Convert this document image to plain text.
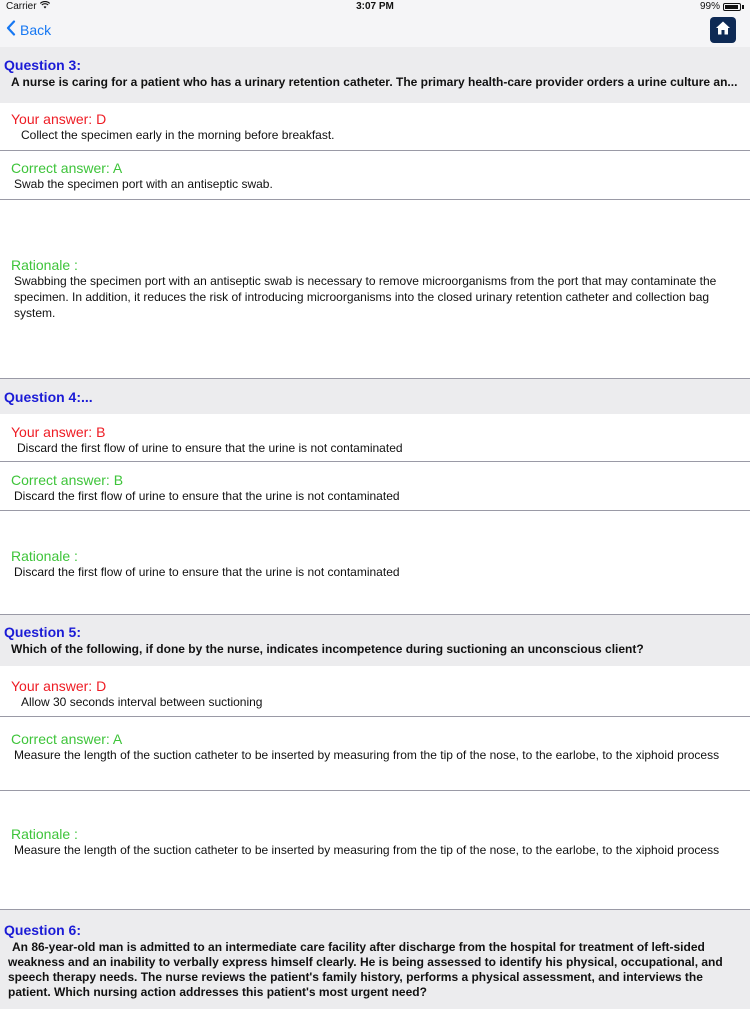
Carrier	3:07 PM	99%
Back
Question 3:
A nurse is caring for a patient who has a urinary retention catheter. The primary health-care provider orders a urine culture an...
Your answer: D
Collect the specimen early in the morning before breakfast.
Correct answer: A
Swab the specimen port with an antiseptic swab.
Rationale :
Swabbing the specimen port with an antiseptic swab is necessary to remove microorganisms from the port that may contaminate the specimen. In addition, it reduces the risk of introducing microorganisms into the closed urinary retention catheter and collection bag system.
Question 4:...
Your answer: B
Discard the first flow of urine to ensure that the urine is not contaminated
Correct answer: B
Discard the first flow of urine to ensure that the urine is not contaminated
Rationale :
Discard the first flow of urine to ensure that the urine is not contaminated
Question 5:
Which of the following, if done by the nurse, indicates incompetence during suctioning an unconscious client?
Your answer: D
Allow 30 seconds interval between suctioning
Correct answer: A
Measure the length of the suction catheter to be inserted by measuring from the tip of the nose, to the earlobe, to the xiphoid process
Rationale :
Measure the length of the suction catheter to be inserted by measuring from the tip of the nose, to the earlobe, to the xiphoid process
Question 6:
An 86-year-old man is admitted to an intermediate care facility after discharge from the hospital for treatment of left-sided weakness and an inability to verbally express himself clearly. He is being assessed to identify his physical, occupational, and speech therapy needs. The nurse reviews the patient's family history, performs a physical assessment, and interviews the patient. Which nursing action addresses this patient's most urgent need?
